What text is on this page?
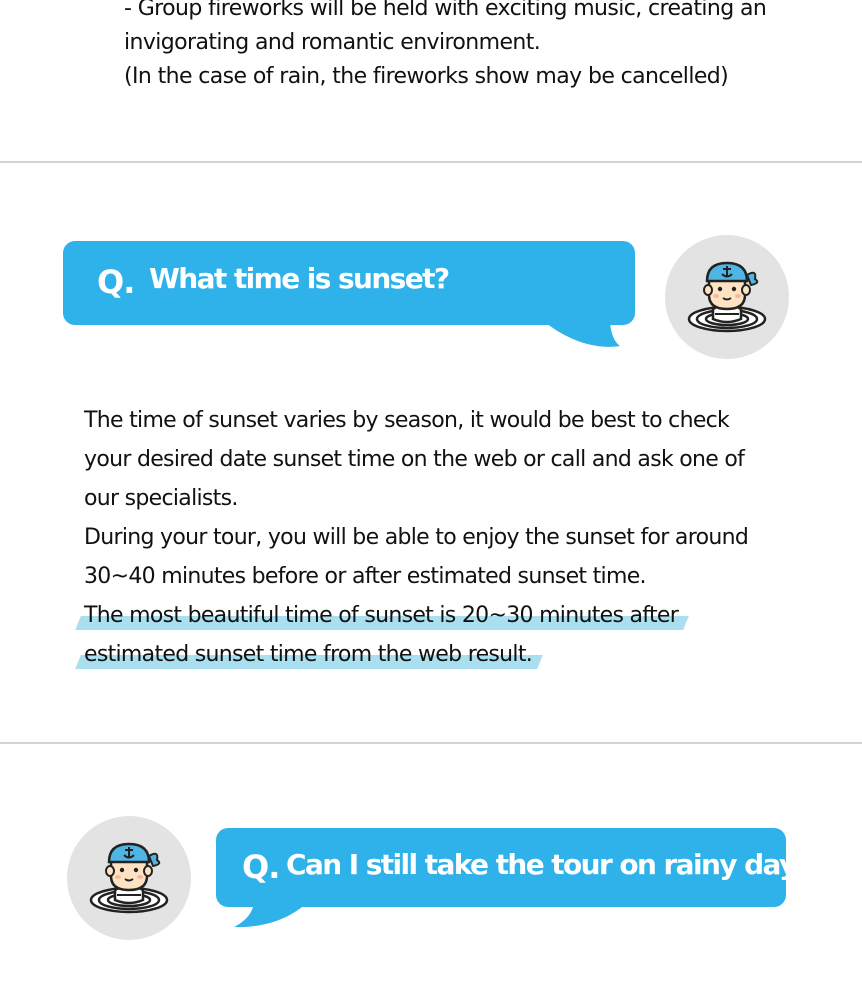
- Group fireworks will be held with exciting music, creating an
invigorating and romantic environment.
(In the case of rain, the fireworks show may be cancelled)
Q. What time is sunset?
The time of sunset varies by season, it would be best to check
your desired date sunset time on the web or call and ask one of
our specialists.
During your tour, you will be able to enjoy the sunset for around
30~40 minutes before or after estimated sunset time.
The most beautiful time of sunset is 20~30 minutes after
estimated sunset time from the web result.
Q. Can I still take the tour on rainy days?
